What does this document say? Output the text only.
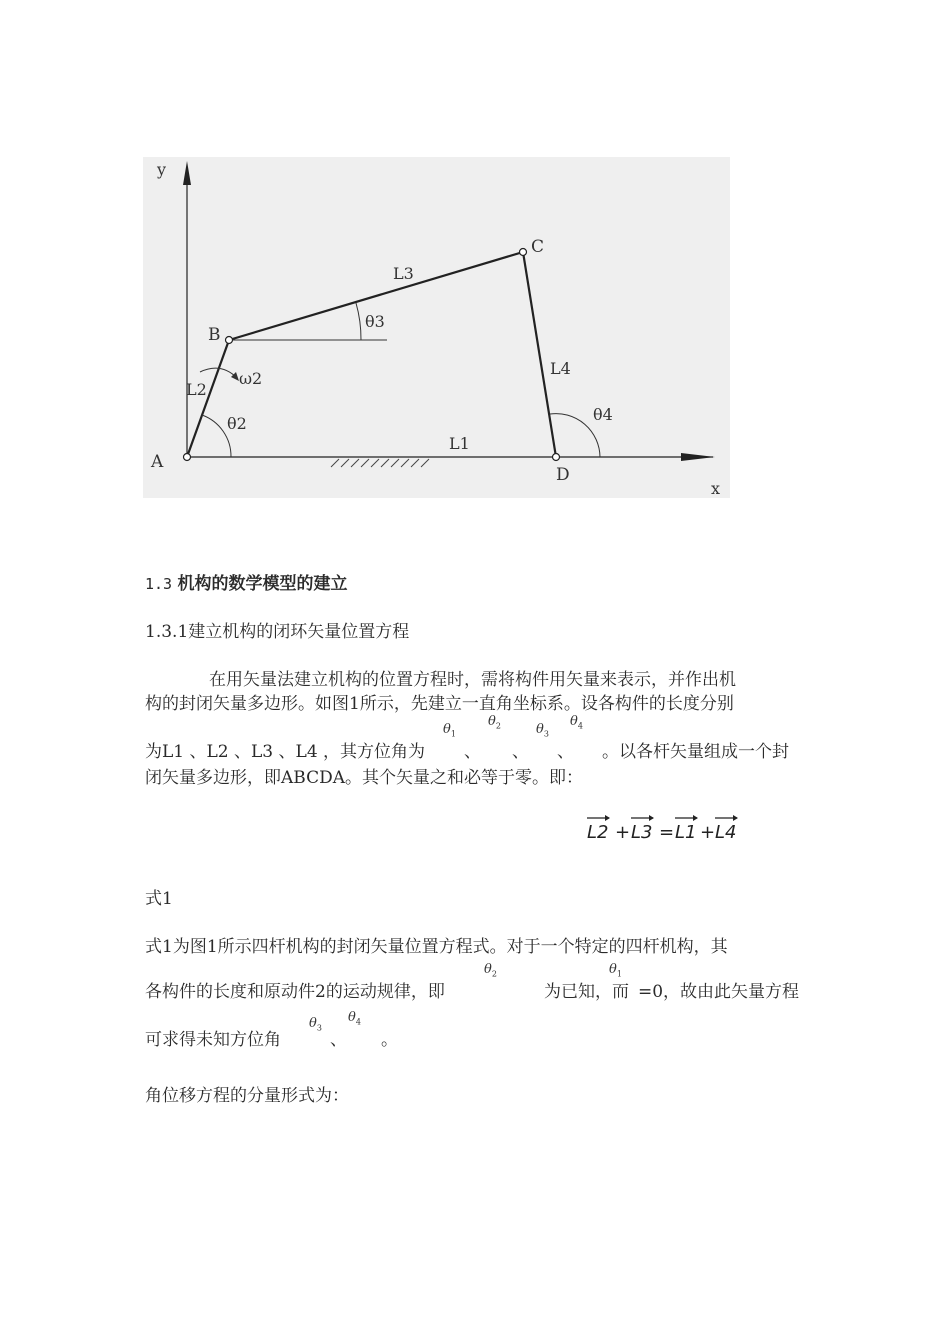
y
x
A
B
C
D
L1
L2
L3
L4
ω2
θ2
θ3
θ4
1.3 机构的数学模型的建立
1.3.1建立机构的闭环矢量位置方程
在用矢量法建立机构的位置方程时，需将构件用矢量来表示，并作出机
构的封闭矢量多边形。如图1所示，先建立一直角坐标系。设各构件的长度分别
为L1 、L2 、L3 、L4 ，其方位角为
$\theta_1$
、
$\theta_2$
、
$\theta_3$
、
$\theta_4$
。以各杆矢量组成一个封
闭矢量多边形，即ABCDA。其个矢量之和必等于零。即：
L2 + L3 = L1 + L4
式1
式1为图1所示四杆机构的封闭矢量位置方程式。对于一个特定的四杆机构，其
各构件的长度和原动件2的运动规律，即
$\theta_2$
为已知，而
$\theta_1$
=0，故由此矢量方程
可求得未知方位角
$\theta_3$
、
$\theta_4$
。
角位移方程的分量形式为：
